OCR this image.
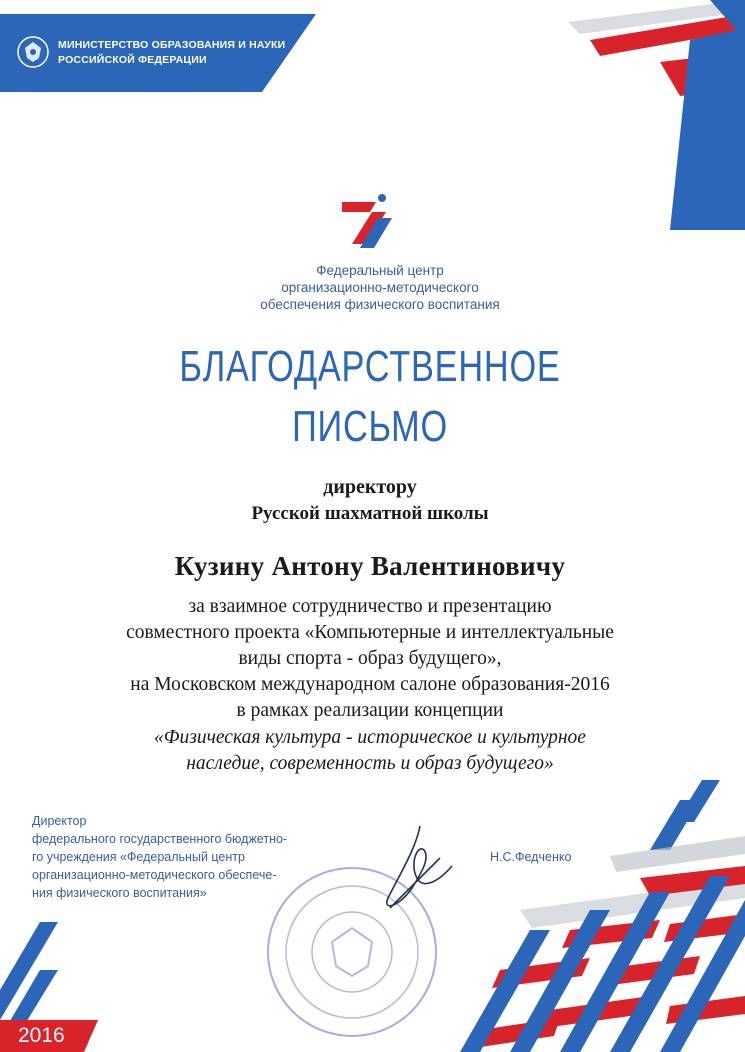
МИНИСТЕРСТВО ОБРАЗОВАНИЯ И НАУКИ
РОССИЙСКОЙ ФЕДЕРАЦИИ
Федеральный центр
организационно-методического
обеспечения физического воспитания
БЛАГОДАРСТВЕННОЕ
ПИСЬМО
директору
Русской шахматной школы
Кузину Антону Валентиновичу
за взаимное сотрудничество и презентацию
совместного проекта «Компьютерные и интеллектуальные
виды спорта - образ будущего»,
на Московском международном салоне образования-2016
в рамках реализации концепции
«Физическая культура - историческое и культурное
наследие, современность и образ будущего»
Директор
федерального государственного бюджетно-
го учреждения «Федеральный центр
организационно-методического обеспече-
ния физического воспитания»
Н.С.Федченко
2016
